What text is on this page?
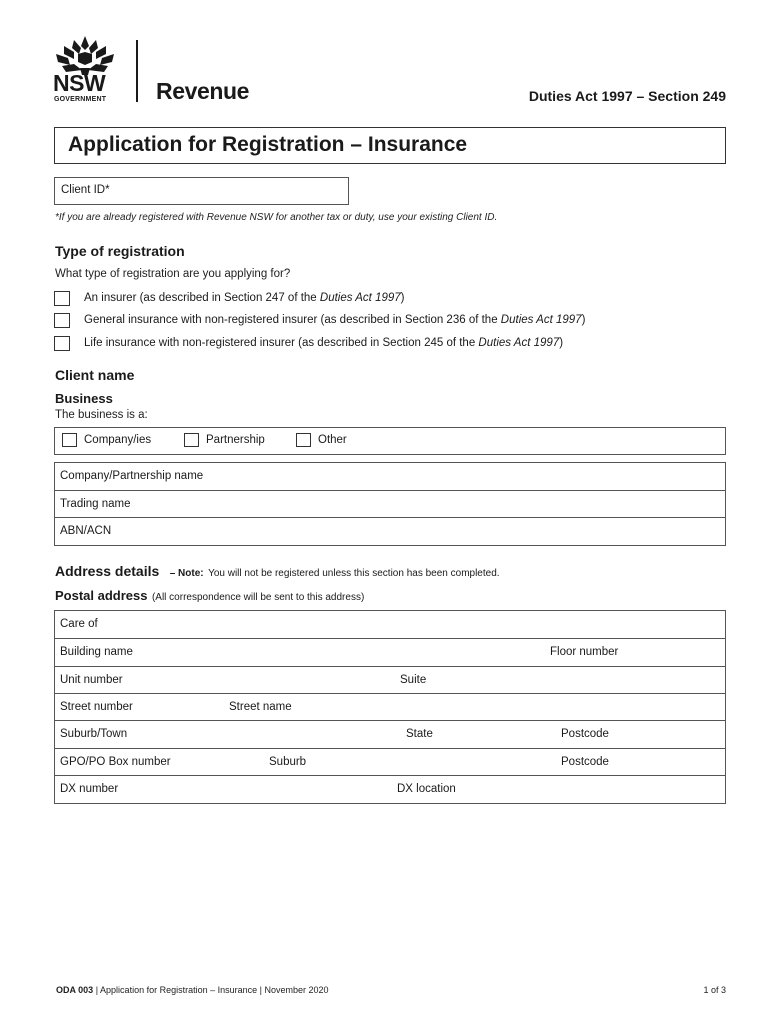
NSW
GOVERNMENT Revenue	Duties Act 1997 – Section 249
Application for Registration – Insurance
Client ID*
*If you are already registered with Revenue NSW for another tax or duty, use your existing Client ID.
Type of registration
What type of registration are you applying for?
An insurer (as described in Section 247 of the Duties Act 1997)
General insurance with non-registered insurer (as described in Section 236 of the Duties Act 1997)
Life insurance with non-registered insurer (as described in Section 245 of the Duties Act 1997)
Client name
Business
The business is a:
Company/ies	Partnership	Other
Company/Partnership name
Trading name
ABN/ACN
Address details – Note: You will not be registered unless this section has been completed.
Postal address (All correspondence will be sent to this address)
Care of
Building name	Floor number
Unit number	Suite
Street number	Street name
Suburb/Town	State	Postcode
GPO/PO Box number	Suburb	Postcode
DX number	DX location
ODA 003 | Application for Registration – Insurance | November 2020	1 of 3
